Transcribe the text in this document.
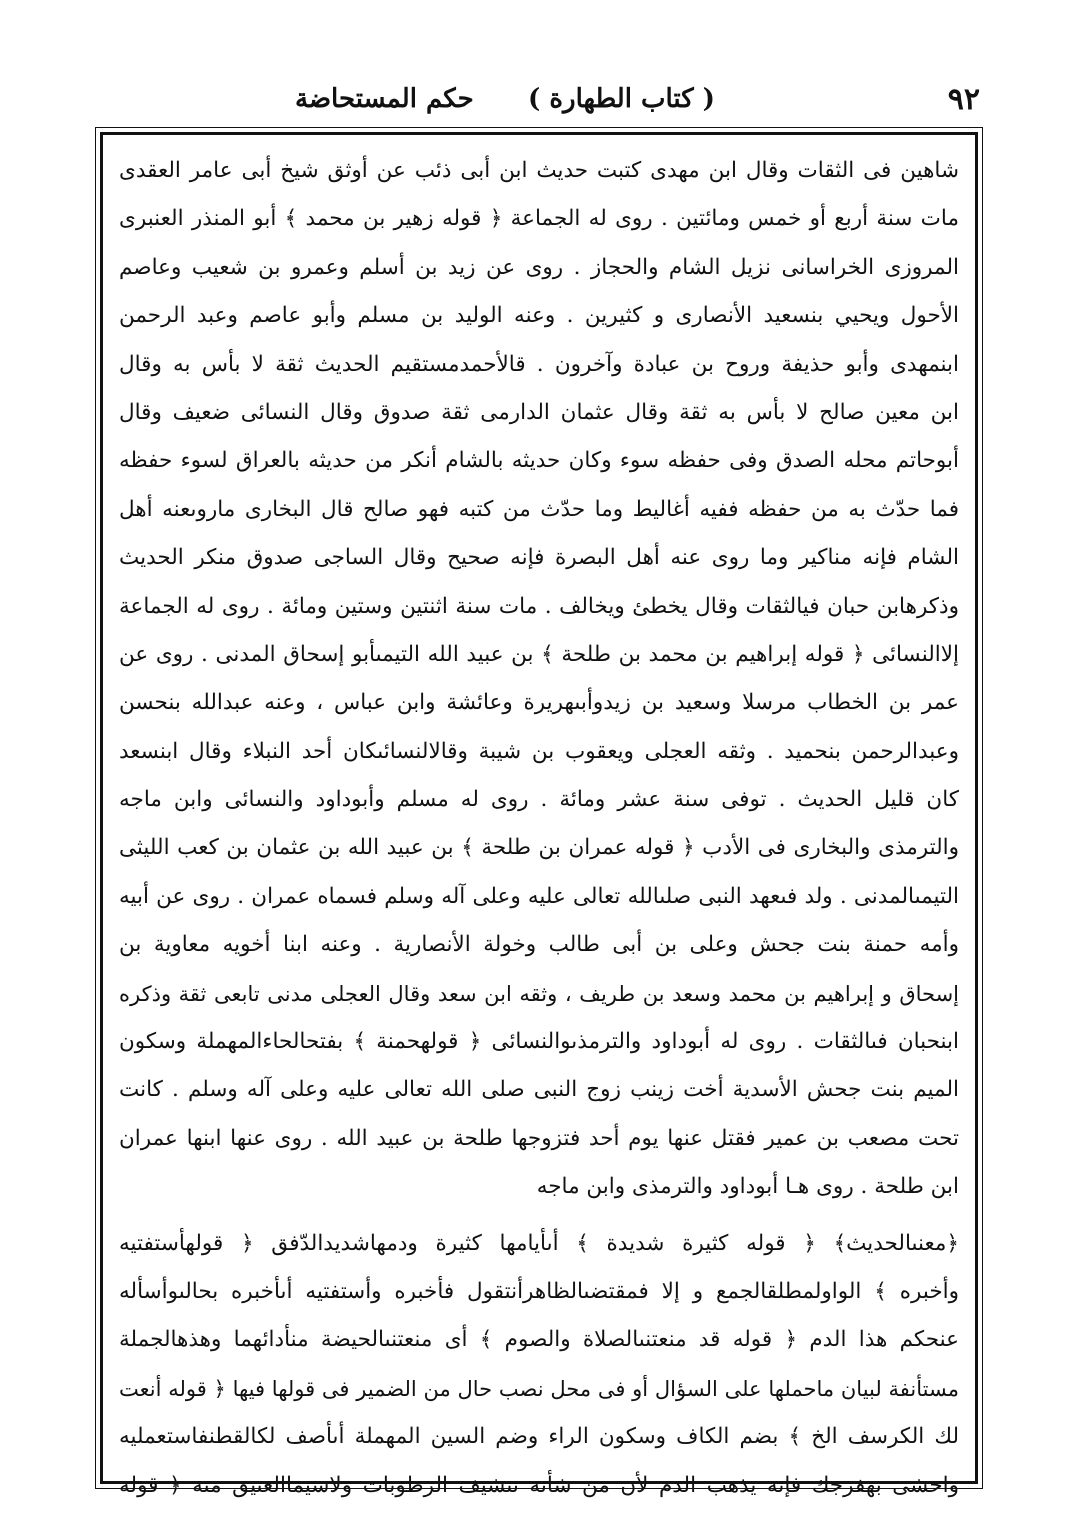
٩٢
( كتاب الطهارة )      حكم المستحاضة
شاهين فى الثقات وقال ابن مهدى كتبت حديث ابن أبى ذئب عن أوثق شيخ أبى عامر العقدى
مات سنة أربع أو خمس ومائتين . روى له الجماعة ﴿ قوله زهير بن محمد ﴾ أبو المنذر العنبرى
المروزى الخراسانى نزيل الشام والحجاز . روى عن زيد بن أسلم وعمرو بن شعيب وعاصم
الأحول ويحيي بنسعيد الأنصارى و كثيرين . وعنه الوليد بن مسلم وأبو عاصم وعبد الرحمن
ابنمهدى وأبو حذيفة وروح بن عبادة وآخرون . قالأحمدمستقيم الحديث ثقة لا بأس به وقال
ابن معين صالح لا بأس به ثقة وقال عثمان الدارمى ثقة صدوق وقال النسائى ضعيف وقال
أبوحاتم محله الصدق وفى حفظه سوء وكان حديثه بالشام أنكر من حديثه بالعراق لسوء حفظه
فما حدّث به من حفظه ففيه أغاليط وما حدّث من كتبه فهو صالح قال البخارى ماروىعنه أهل
الشام فإنه مناكير وما روى عنه أهل البصرة فإنه صحيح وقال الساجى صدوق منكر الحديث
وذكرهابن حبان فيالثقات وقال يخطئ ويخالف . مات سنة اثنتين وستين ومائة . روى له الجماعة
إلاالنسائى ﴿ قوله إبراهيم بن محمد بن طلحة ﴾ بن عبيد الله التيمىأبو إسحاق المدنى . روى عن
عمر بن الخطاب مرسلا وسعيد بن زيدوأبىهريرة وعائشة وابن عباس ، وعنه عبدالله بنحسن
وعبدالرحمن بنحميد . وثقه العجلى ويعقوب بن شيبة وقالالنسائىكان أحد النبلاء وقال ابنسعد
كان قليل الحديث . توفى سنة عشر ومائة . روى له مسلم وأبوداود والنسائى وابن ماجه
والترمذى والبخارى فى الأدب ﴿ قوله عمران بن طلحة ﴾ بن عبيد الله بن عثمان بن كعب الليثى
التيمىالمدنى . ولد فىعهد النبى صلىالله تعالى عليه وعلى آله وسلم فسماه عمران . روى عن أبيه
وأمه حمنة بنت جحش وعلى بن أبى طالب وخولة الأنصارية . وعنه ابنا أخويه معاوية بن
إسحاق و إبراهيم بن محمد وسعد بن طريف ، وثقه ابن سعد وقال العجلى مدنى تابعى ثقة وذكره
ابنحبان فىالثقات . روى له أبوداود والترمذىوالنسائى ﴿ قولهحمنة ﴾ بفتحالحاءالمهملة وسكون
الميم بنت جحش الأسدية أخت زينب زوج النبى صلى الله تعالى عليه وعلى آله وسلم . كانت
تحت مصعب بن عمير فقتل عنها يوم أحد فتزوجها طلحة بن عبيد الله . روى عنها ابنها عمران
ابن طلحة . روى هـا أبوداود والترمذى وابن ماجه
﴿معنىالحديث﴾ ﴿ قوله كثيرة شديدة ﴾ أىأيامها كثيرة ودمهاشديدالدّفق ﴿ قولهأستفتيه
وأخبره ﴾ الواولمطلقالجمع و إلا فمقتضىالظاهرأنتقول فأخبره وأستفتيه أىأخبره بحالىوأسأله
عنحكم هذا الدم ﴿ قوله قد منعتنىالصلاة والصوم ﴾ أى منعتنىالحيضة منأدائهما وهذهالجملة
مستأنفة لبيان ماحملها على السؤال أو فى محل نصب حال من الضمير فى قولها فيها ﴿ قوله أنعت
لك الكرسف الخ ﴾ بضم الكاف وسكون الراء وضم السين المهملة أىأصف لكالقطنفاستعمليه
واحشى بهفرجك فإنه يذهب الدم لأن من شأنه تنشيف الرطوبات ولاسيماالعتيق منه ﴿ قوله
